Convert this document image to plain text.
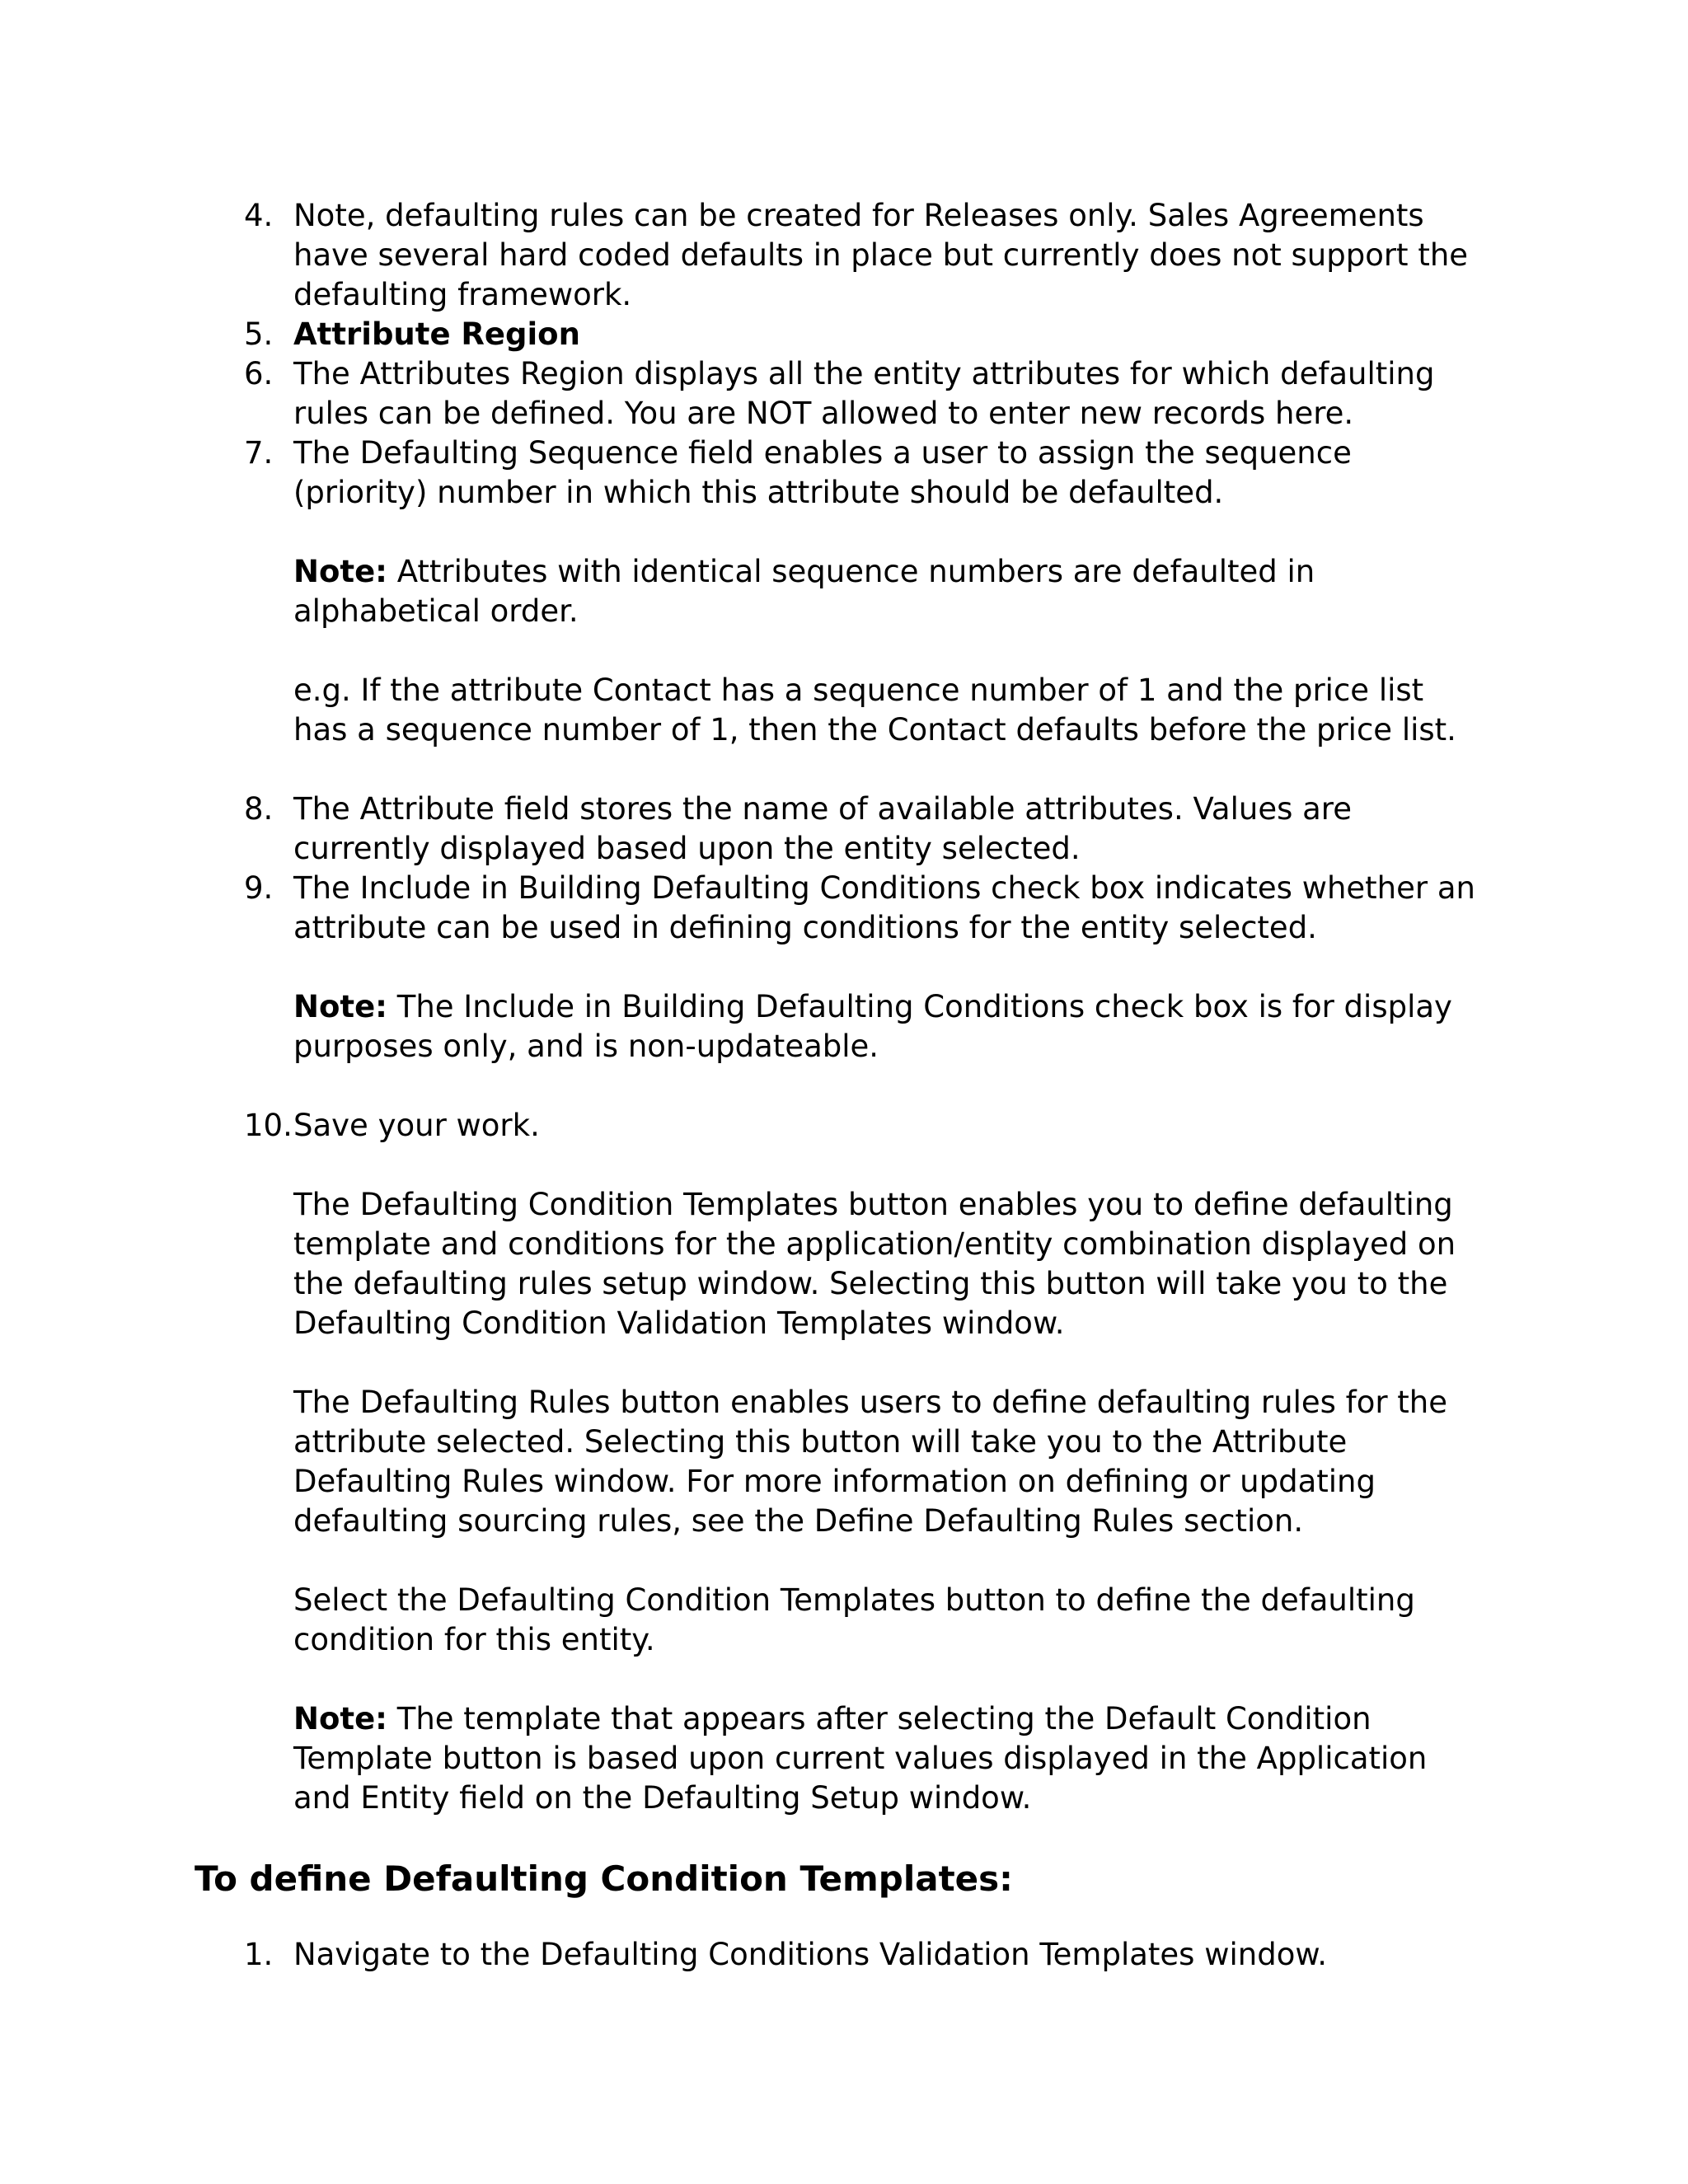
4. Note, defaulting rules can be created for Releases only. Sales Agreements have several hard coded defaults in place but currently does not support the defaulting framework.
5. Attribute Region
6. The Attributes Region displays all the entity attributes for which defaulting rules can be defined. You are NOT allowed to enter new records here.
7. The Defaulting Sequence field enables a user to assign the sequence (priority) number in which this attribute should be defaulted.
Note: Attributes with identical sequence numbers are defaulted in alphabetical order.
e.g. If the attribute Contact has a sequence number of 1 and the price list has a sequence number of 1, then the Contact defaults before the price list.
8. The Attribute field stores the name of available attributes. Values are currently displayed based upon the entity selected.
9. The Include in Building Defaulting Conditions check box indicates whether an attribute can be used in defining conditions for the entity selected.
Note: The Include in Building Defaulting Conditions check box is for display purposes only, and is non-updateable.
10. Save your work.
The Defaulting Condition Templates button enables you to define defaulting template and conditions for the application/entity combination displayed on the defaulting rules setup window. Selecting this button will take you to the Defaulting Condition Validation Templates window.
The Defaulting Rules button enables users to define defaulting rules for the attribute selected. Selecting this button will take you to the Attribute Defaulting Rules window. For more information on defining or updating defaulting sourcing rules, see the Define Defaulting Rules section.
Select the Defaulting Condition Templates button to define the defaulting condition for this entity.
Note: The template that appears after selecting the Default Condition Template button is based upon current values displayed in the Application and Entity field on the Defaulting Setup window.
To define Defaulting Condition Templates:
1. Navigate to the Defaulting Conditions Validation Templates window.
